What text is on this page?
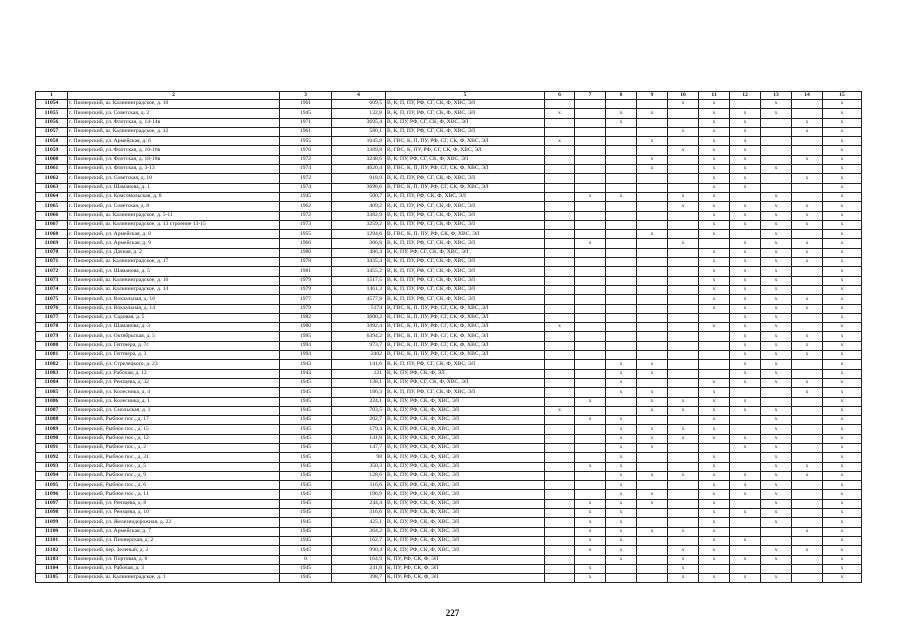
1	2	3	4	5	6	7	8	9	10	11	12	13	14	15
11054	г. Пионерский, ш. Калининградское, д. 10	1961	609,5	В, К, П, ПУ, РФ, СГ, СК, Ф, ХВС, ЭЛ					х	х		х		х
11055	г. Пионерский, ул. Советская, д. 2	1945	132,8	В, К, П, ПУ, РФ, СГ, СК, Ф, ХВС, ЭЛ	х		х	х		х	х	х		х
11056	г. Пионерский, ул. Флотская, д. 14-14в	1971	3695,4	В, К, ПУ, РФ, СГ, СК, Ф, ХВС, ЭЛ			х			х	х		х	х
11057	г. Пионерский, ш. Калининградское, д. 12	1961	580,1	В, К, П, ПУ, РФ, СГ, СК, Ф, ХВС, ЭЛ					х	х	х		х	х
11058	г. Пионерский, ул. Армейская, д. 6	1955	1045,8	В, ГВС, К, П, ПУ, РФ, СГ, СК, Ф, ХВС, ЭЛ	х			х		х	х			х
11059	г. Пионерский, ул. Флотская, д. 16-16в	1976	3389,8	В, ГВС, К, ПУ, РФ, СГ, СК, Ф, ХВС, ЭЛ					х	х	х			х
11060	г. Пионерский, ул. Флотская, д. 18-18в	1972	3248,6	В, К, ПУ, РФ, СГ, СК, Ф, ХВС, ЭЛ				х		х	х		х	х
11061	г. Пионерский, ул. Флотская, д. 3-13	1974	4620,4	В, ГВС, К, П, ПУ, РФ, СГ, СК, Ф, ХВС, ЭЛ				х		х	х	х		х
11062	г. Пионерский, ул. Советская, д. 10	1972	918,9	В, К, П, ПУ, РФ, СГ, СК, Ф, ХВС, ЭЛ						х	х		х	х
11063	г. Пионерский, ул. Шаманова, д. 1	1974	3690,6	В, ГВС, К, П, ПУ, РФ, СГ, СК, Ф, ХВС, ЭЛ						х	х			х
11064	г. Пионерский, ул. Комсомольская, д. 8	1945	500,7	В, К, П, ПУ, РФ, СК, Ф, ХВС, ЭЛ		х	х		х	х		х		х
11065	г. Пионерский, ул. Советская, д. 8	1962	409,2	В, К, П, ПУ, РФ, СГ, СК, Ф, ХВС, ЭЛ					х	х	х	х	х	х
11066	г. Пионерский, ш. Калининградское, д. 5-11	1972	3382,9	В, К, П, ПУ, РФ, СГ, СК, Ф, ХВС, ЭЛ						х	х	х	х	х
11067	г. Пионерский, ш. Калининградское, д. 13 строение 13-15	1973	3259,2	В, К, П, ПУ, РФ, СГ, СК, Ф, ХВС, ЭЛ						х	х	х	х	х
11068	г. Пионерский, ул. Армейская, д. 8	1955	1294,6	В, ГВС, К, П, ПУ, РФ, СК, Ф, ХВС, ЭЛ				х		х		х		х
11069	г. Пионерский, ул. Армейская, д. 9	1966	306,8	В, К, П, ПУ, РФ, СГ, СК, Ф, ХВС, ЭЛ		х			х		х	х	х	х
11070	г. Пионерский, ул. Дачная, д. 2	1980	486,4	В, К, ПУ, РФ, СГ, СК, Ф, ХВС, ЭЛ						х	х	х	х	х
11071	г. Пионерский, ш. Калининградское, д. 17	1978	3435,4	В, К, П, ПУ, РФ, СГ, СК, Ф, ХВС, ЭЛ						х	х	х	х	х
11072	г. Пионерский, ул. Шаманова, д. 5	1981	3455,2	В, К, П, ПУ, РФ, СГ, СК, Ф, ХВС, ЭЛ						х	х	х		х
11073	г. Пионерский, ш. Калининградское, д. 16	1979	1517,5	В, К, П, ПУ, РФ, СГ, СК, Ф, ХВС, ЭЛ						х	х	х		х
11074	г. Пионерский, ш. Калининградское, д. 14	1979	1461,3	В, К, П, ПУ, РФ, СГ, СК, Ф, ХВС, ЭЛ						х	х	х		х
11075	г. Пионерский, ул. Вокзальная, д. 16	1977	4577,8	В, К, П, ПУ, РФ, СГ, СК, Ф, ХВС, ЭЛ						х	х	х	х	х
11076	г. Пионерский, ул. Вокзальная, д. 14	1979	5174	В, ГВС, К, П, ПУ, РФ, СГ, СК, Ф, ХВС, ЭЛ						х	х	х	х	х
11077	г. Пионерский, ул. Садовая, д. 5	1982	3600,2	В, ГВС, К, П, ПУ, РФ, СГ, СК, Ф, ХВС, ЭЛ							х	х		х
11078	г. Пионерский, ул. Шаманова, д. 3	1980	3492,4	В, ГВС, К, П, ПУ, РФ, СГ, СК, Ф, ХВС, ЭЛ	х					х	х	х		х
11079	г. Пионерский, ул. Октябрьская, д. 5	1995	6394,2	В, ГВС, К, П, ПУ, РФ, СГ, СК, Ф, ХВС, ЭЛ							х	х	х	х
11080	г. Пионерский, ул. Гептнера, д. 7г	1994	973,7	В, ГВС, К, П, ПУ, РФ, СГ, СК, Ф, ХВС, ЭЛ							х	х	х	х
11081	г. Пионерский, ул. Гептнера, д. 3	1994	2402	В, ГВС, К, П, ПУ, РФ, СГ, СК, Ф, ХВС, ЭЛ							х	х	х	х
11082	г. Пионерский, ул. Стрелецкого, д. 23	1943	141,6	В, К, П, ПУ, РФ, СГ, СК, Ф, ХВС, ЭЛ			х	х			х	х		х
11083	г. Пионерский, ул. Рабочая, д. 12	1943	121	В, К, ПУ, РФ, СК, Ф, ЭЛ			х	х			х	х		х
11084	г. Пионерский, ул. Рензцева, д. 32	1945	138,1	В, К, ПУ, РФ, СГ, СК, Ф, ХВС, ЭЛ			х			х	х	х	х	х
11085	г. Пионерский, ул. Колесника, д. 4	1945	186,3	В, К, П, ПУ, РФ, СГ, СК, Ф, ХВС, ЭЛ			х	х		х			х	х
11086	г. Пионерский, ул. Колесника, д. 1	1945	224,1	В, К, ПУ, РФ, СК, Ф, ХВС, ЭЛ		х		х	х	х	х			х
11087	г. Пионерский, ул. Смольская, д. 1	1945	703,5	В, К, ПУ, РФ, СК, Ф, ХВС, ЭЛ	х			х	х	х	х	х		х
11088	г. Пионерский, Рыбное пос., д. 17	1945	202,7	В, К, ПУ, РФ, СК, Ф, ХВС, ЭЛ		х	х			х		х		х
11089	г. Пионерский, Рыбное пос., д. 15	1945	179,4	В, К, ПУ, РФ, СК, Ф, ХВС, ЭЛ			х	х	х	х		х		х
11090	г. Пионерский, Рыбное пос., д. 12	1945	141,8	В, К, ПУ, РФ, СК, Ф, ХВС, ЭЛ			х	х	х	х	х	х		х
11091	г. Пионерский, Рыбное пос., д. 2	1945	147,7	В, К, ПУ, РФ, СК, Ф, ХВС, ЭЛ			х	х			х	х		х
11092	г. Пионерский, Рыбное пос., д. 31	1945	98	В, К, ПУ, РФ, СК, Ф, ХВС, ЭЛ			х			х		х		х
11093	г. Пионерский, Рыбное пос., д. 5	1945	350,3	В, К, ПУ, РФ, СК, Ф, ХВС, ЭЛ		х	х			х		х	х	х
11094	г. Пионерский, Рыбное пос., д. 9	1945	128,6	В, К, ПУ, РФ, СК, Ф, ХВС, ЭЛ			х	х	х	х	х	х	х	х
11095	г. Пионерский, Рыбное пос., д. 6	1945	116,6	В, К, ПУ, РФ, СК, Ф, ХВС, ЭЛ			х			х	х	х		х
11096	г. Пионерский, Рыбное пос., д. 11	1945	196,9	В, К, ПУ, РФ, СК, Ф, ХВС, ЭЛ			х	х		х	х	х		х
11097	г. Пионерский, ул. Рензцева, д. 8	1945	244,4	В, К, ПУ, РФ, СК, Ф, ХВС, ЭЛ		х	х	х		х		х		х
11098	г. Пионерский, ул. Рензцева, д. 10	1945	316,6	В, К, ПУ, РФ, СК, Ф, ХВС, ЭЛ		х	х			х	х	х		х
11099	г. Пионерский, ул. Железнодорожная, д. 22	1945	425,1	В, К, ПУ, РФ, СК, Ф, ХВС, ЭЛ		х	х			х		х		х
11100	г. Пионерский, ул. Армейская, д. 7	1945	364,2	В, К, ПУ, РФ, СК, Ф, ХВС, ЭЛ		х	х	х	х	х			х	х
11101	г. Пионерский, ул. Пионерская, д. 2	1945	162,7	В, К, ПУ, РФ, СК, Ф, ХВС, ЭЛ		х	х			х	х			х
11102	г. Пионерский, пер. Зеленый, д. 3	1945	990,4	В, К, ПУ, РФ, СК, Ф, ХВС, ЭЛ		х	х		х	х		х	х	х
11103	г. Пионерский, ул. Портовая, д. 8	0	164,9	К, ПУ, РФ, СК, Ф, ЭЛ			х		х	х	х	х		х
11104	г. Пионерский, ул. Рабочая, д. 3	1945	241,8	К, ПУ, РФ, СК, Ф, ЭЛ		х			х					х
11105	г. Пионерский, ш. Калининградское, д. 1	1945	398,7	К, ПУ, РФ, СК, Ф, ЭЛ		х			х	х	х	х		х
227
